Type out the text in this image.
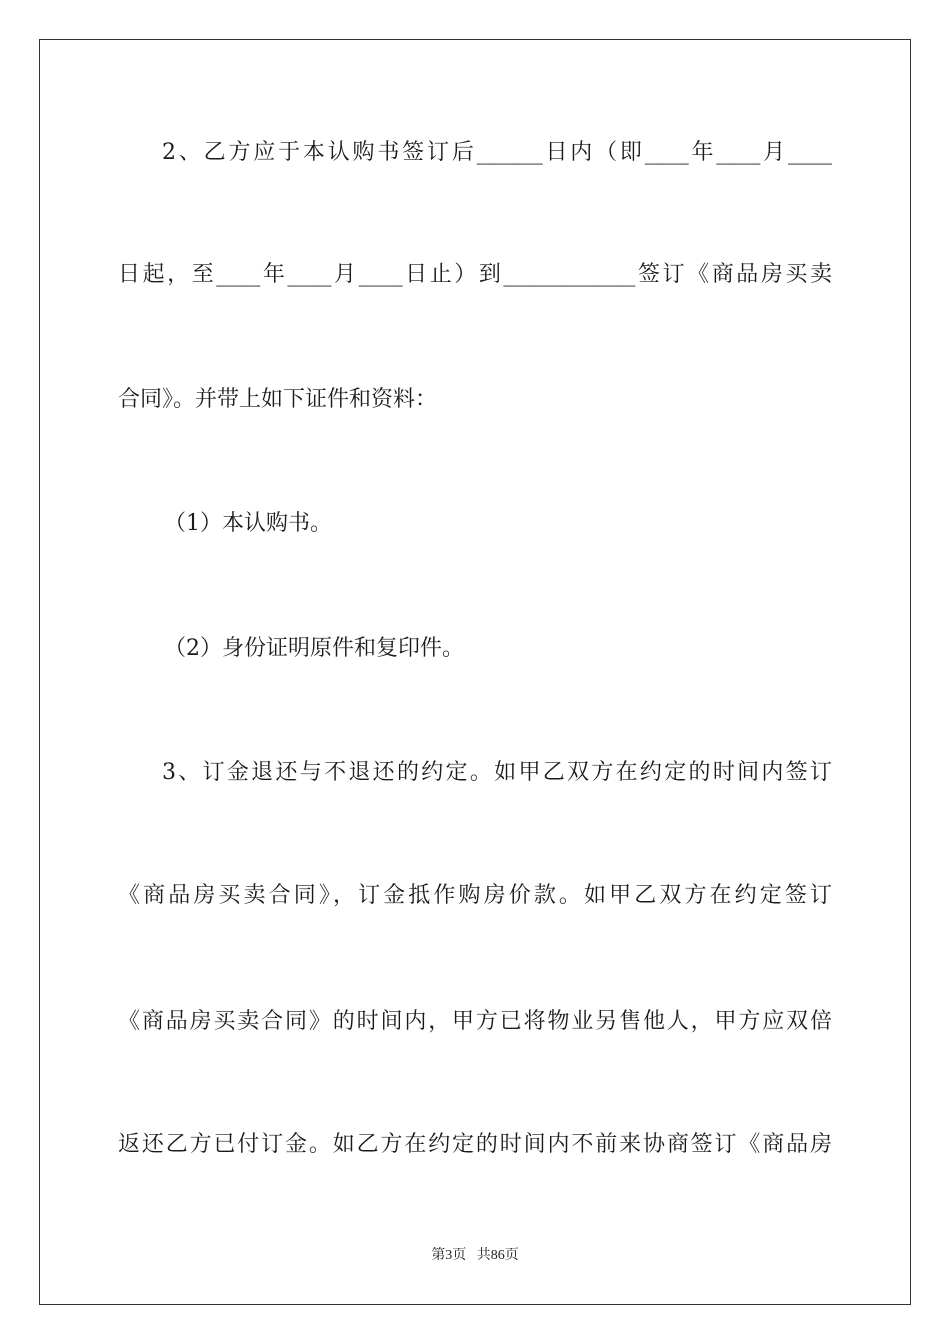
2、乙方应于本认购书签订后______日内（即____年____月____
日起，至____年____月____日止）到____________签订《商品房买卖
合同》。并带上如下证件和资料：
（1）本认购书。
（2）身份证明原件和复印件。
3、订金退还与不退还的约定。如甲乙双方在约定的时间内签订
《商品房买卖合同》，订金抵作购房价款。如甲乙双方在约定签订
《商品房买卖合同》的时间内，甲方已将物业另售他人，甲方应双倍
返还乙方已付订金。如乙方在约定的时间内不前来协商签订《商品房
第3页 共86页
